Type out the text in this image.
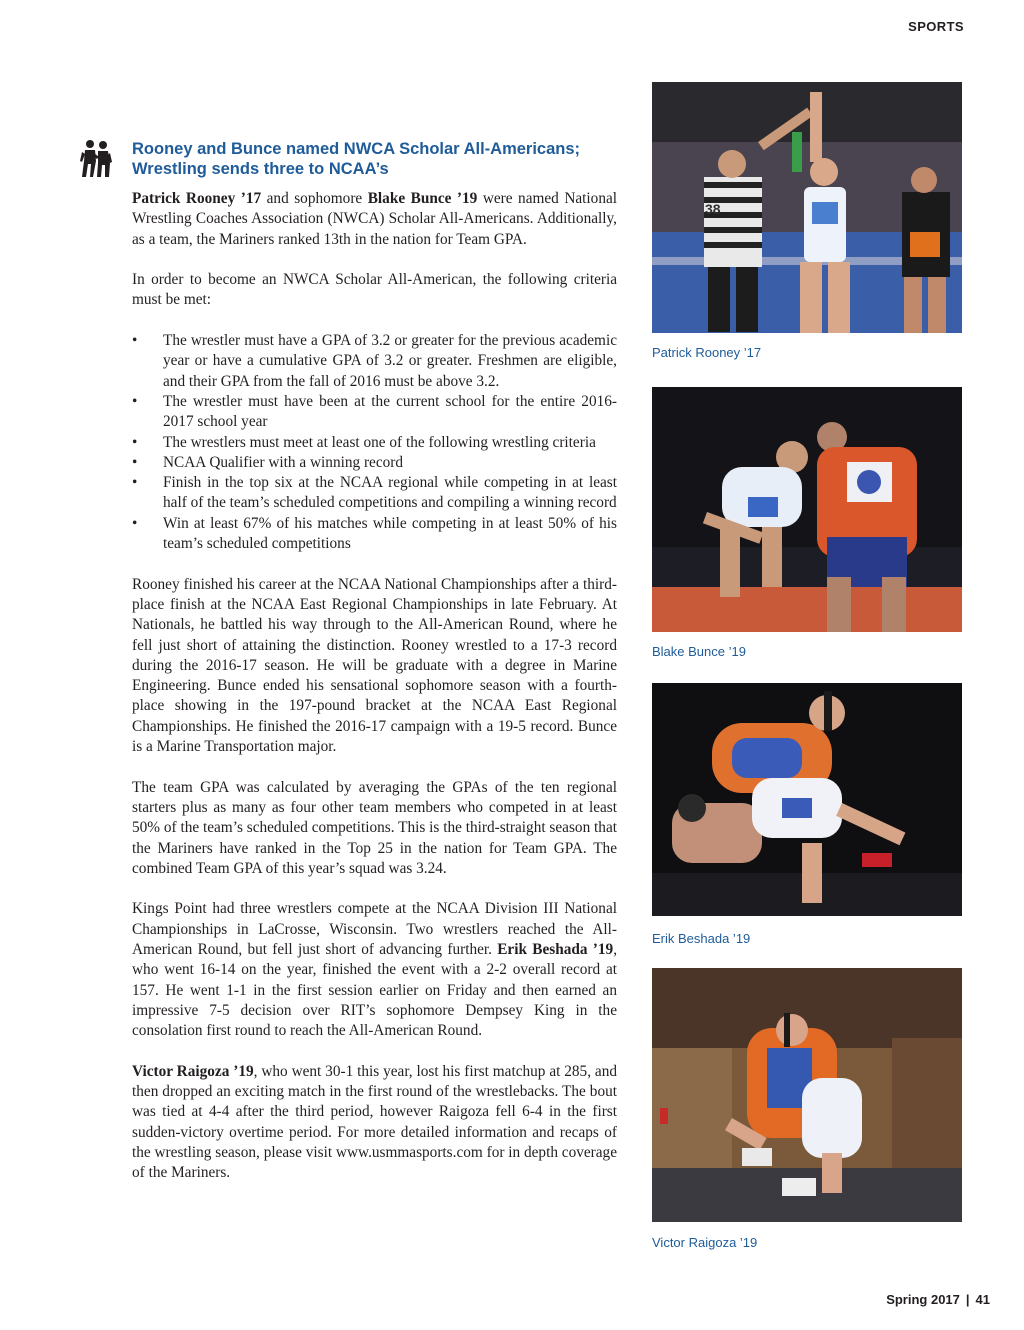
SPORTS
Rooney and Bunce named NWCA Scholar All-Americans;
Wrestling sends three to NCAA’s

Patrick Rooney ’17 and sophomore Blake Bunce ’19 were named National Wrestling Coaches Association (NWCA) Scholar All-Americans. Additionally, as a team, the Mariners ranked 13th in the nation for Team GPA.

In order to become an NWCA Scholar All-American, the following criteria must be met:

• The wrestler must have a GPA of 3.2 or greater for the previous academic year or have a cumulative GPA of 3.2 or greater. Freshmen are eligible, and their GPA from the fall of 2016 must be above 3.2.
• The wrestler must have been at the current school for the entire 2016-2017 school year
• The wrestlers must meet at least one of the following wrestling criteria
• NCAA Qualifier with a winning record
• Finish in the top six at the NCAA regional while competing in at least half of the team’s scheduled competitions and compiling a winning record
• Win at least 67% of his matches while competing in at least 50% of his team’s scheduled competitions

Rooney finished his career at the NCAA National Championships after a third-place finish at the NCAA East Regional Championships in late February. At Nationals, he battled his way through to the All-American Round, where he fell just short of attaining the distinction. Rooney wrestled to a 17-3 record during the 2016-17 season. He will be graduate with a degree in Marine Engineering. Bunce ended his sensational sophomore season with a fourth-place showing in the 197-pound bracket at the NCAA East Regional Championships. He finished the 2016-17 campaign with a 19-5 record. Bunce is a Marine Transportation major.

The team GPA was calculated by averaging the GPAs of the ten regional starters plus as many as four other team members who competed in at least 50% of the team’s scheduled competitions. This is the third-straight season that the Mariners have ranked in the Top 25 in the nation for Team GPA. The combined Team GPA of this year’s squad was 3.24.

Kings Point had three wrestlers compete at the NCAA Division III National Championships in LaCrosse, Wisconsin. Two wrestlers reached the All-American Round, but fell just short of advancing further. Erik Beshada ’19, who went 16-14 on the year, finished the event with a 2-2 overall record at 157. He went 1-1 in the first session earlier on Friday and then earned an impressive 7-5 decision over RIT’s sophomore Dempsey King in the consolation first round to reach the All-American Round.

Victor Raigoza ’19, who went 30-1 this year, lost his first matchup at 285, and then dropped an exciting match in the first round of the wrestlebacks. The bout was tied at 4-4 after the third period, however Raigoza fell 6-4 in the first sudden-victory overtime period. For more detailed information and recaps of the wrestling season, please visit www.usmmasports.com for in depth coverage of the Mariners.

38
Patrick Rooney ’17
Blake Bunce ’19
Erik Beshada ’19
Victor Raigoza ’19
Spring 2017 | 41
